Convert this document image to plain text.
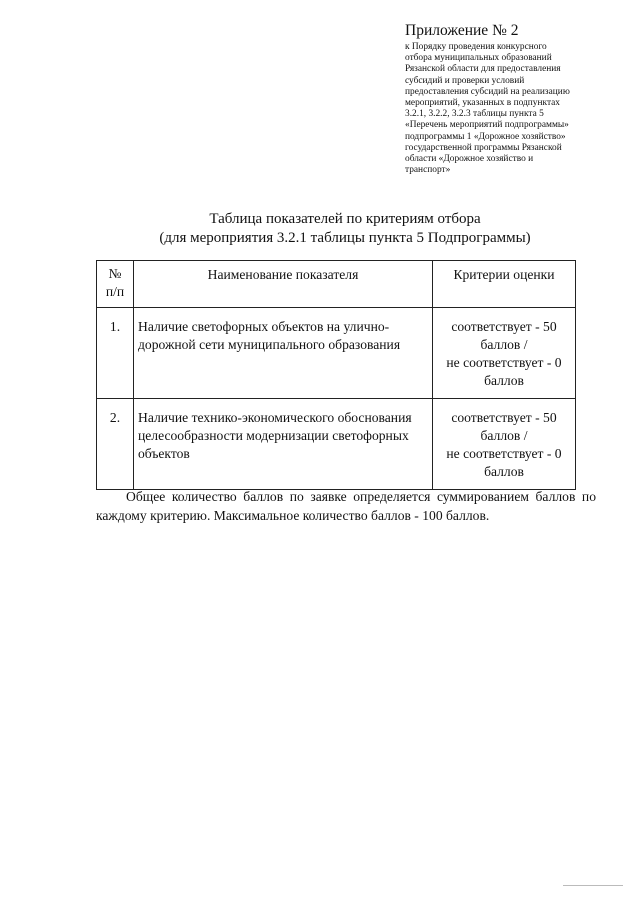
Приложение № 2
к Порядку проведения конкурсного
отбора муниципальных образований
Рязанской области для предоставления
субсидий и проверки условий
предоставления субсидий на реализацию
мероприятий, указанных в подпунктах
3.2.1, 3.2.2, 3.2.3 таблицы пункта 5
«Перечень мероприятий подпрограммы»
подпрограммы 1 «Дорожное хозяйство»
государственной программы Рязанской
области «Дорожное хозяйство и
транспорт»
Таблица показателей по критериям отбора
(для мероприятия 3.2.1 таблицы пункта 5 Подпрограммы)
№
п/п	Наименование показателя	Критерии оценки
1.	Наличие светофорных объектов на улично-дорожной сети муниципального образования	соответствует - 50
баллов /
не соответствует - 0
баллов

2.	Наличие технико-экономического обоснования целесообразности модернизации светофорных объектов	соответствует - 50
баллов /
не соответствует - 0
баллов

Общее количество баллов по заявке определяется суммированием баллов по каждому критерию. Максимальное количество баллов - 100 баллов.
